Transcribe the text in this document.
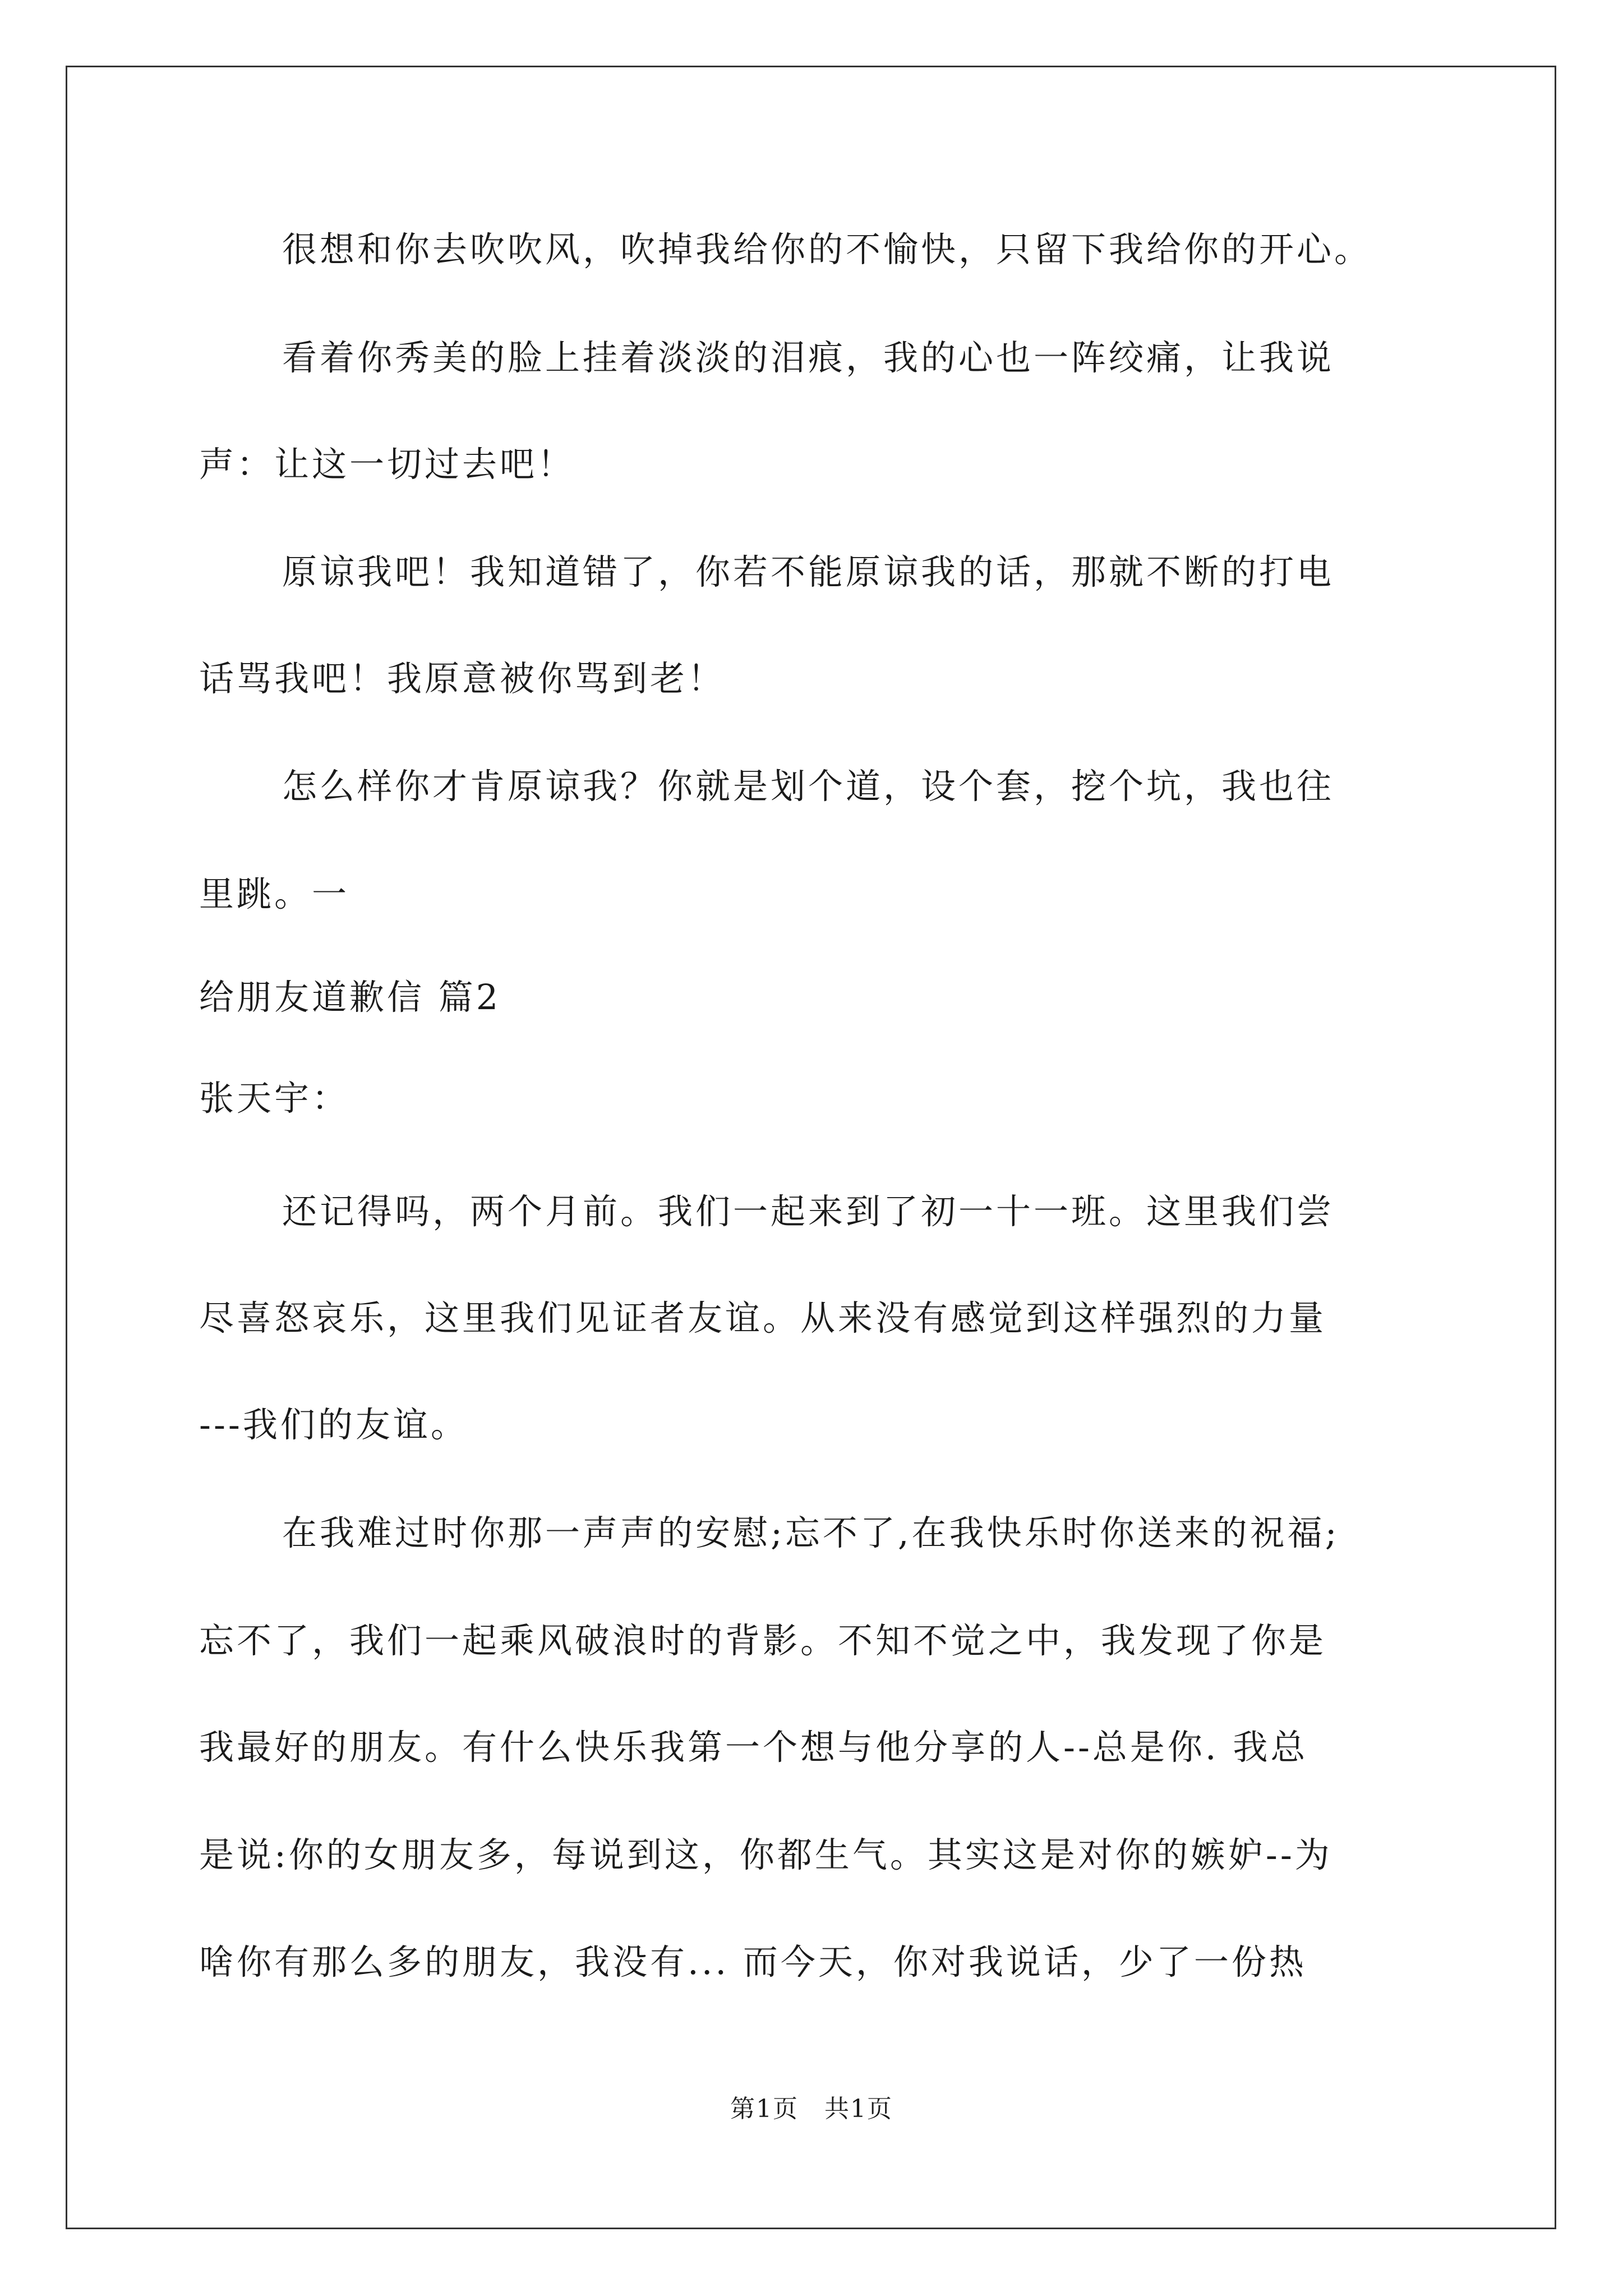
很想和你去吹吹风，吹掉我给你的不愉快，只留下我给你的开心。
看着你秀美的脸上挂着淡淡的泪痕，我的心也一阵绞痛，让我说
声：让这一切过去吧！
原谅我吧！我知道错了，你若不能原谅我的话，那就不断的打电
话骂我吧！我原意被你骂到老！
怎么样你才肯原谅我？你就是划个道，设个套，挖个坑，我也往
里跳。一
给朋友道歉信 篇2
张天宇：
还记得吗，两个月前。我们一起来到了初一十一班。这里我们尝
尽喜怒哀乐，这里我们见证者友谊。从来没有感觉到这样强烈的力量
---我们的友谊。
在我难过时你那一声声的安慰;忘不了,在我快乐时你送来的祝福;
忘不了，我们一起乘风破浪时的背影。不知不觉之中，我发现了你是
我最好的朋友。有什么快乐我第一个想与他分享的人--总是你. 我总
是说:你的女朋友多，每说到这，你都生气。其实这是对你的嫉妒--为
啥你有那么多的朋友，我没有... 而今天，你对我说话，少了一份热
第1页　共1页
